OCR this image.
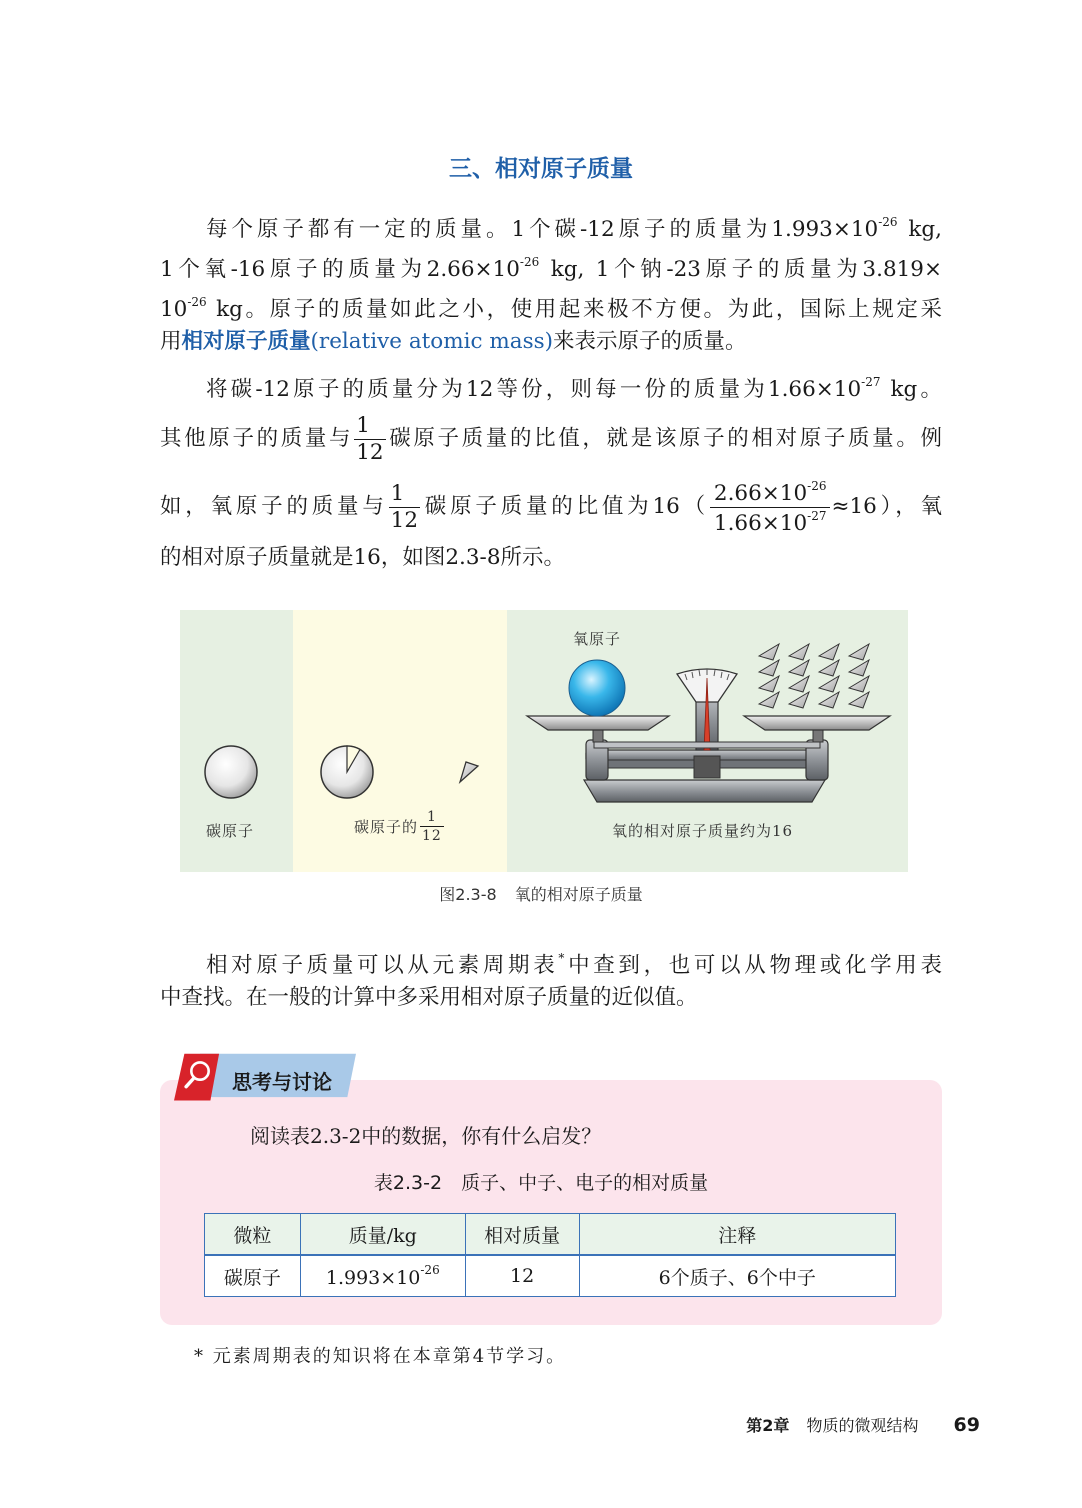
三、相对原子质量
每个原子都有一定的质量。1个碳-12原子的质量为$1.993\times 10^{-26}$ kg,
1个氧-16原子的质量为$2.66\times 10^{-26}$ kg, 1个钠-23原子的质量为3.819×
$10^{-26}$ kg。原子的质量如此之小，使用起来极不方便。为此，国际上规定采
用相对原子质量(relative atomic mass)来表示原子的质量。
将碳-12原子的质量分为12等份，则每一份的质量为$1.66\times 10^{-27}$ kg。
其他原子的质量与 $\frac{1}{12}$ 碳原子质量的比值，就是该原子的相对原子质量。例
如，氧原子的质量与 $\frac{1}{12}$ 碳原子质量的比值为$16( \frac{2.66\times 10^{-26}}{1.66\times 10^{-27}} \approx 16)$，氧
的相对原子质量就是16，如图2.3-8所示。
碳原子	碳原子的 $\frac{1}{12}$
氧原子
氧的相对原子质量约为16
图2.3-8 氧的相对原子质量
相对原子质量可以从元素周期表*中查到，也可以从物理或化学用表
中查找。在一般的计算中多采用相对原子质量的近似值。
思考与讨论
阅读表2.3-2中的数据，你有什么启发？
表2.3-2　质子、中子、电子的相对质量
微粒	质量/kg	相对质量	注释
碳原子	$1.993\times 10^{-26}$	12	6个质子、6个中子
* 元素周期表的知识将在本章第4节学习。
第2章 物质的微观结构 69
